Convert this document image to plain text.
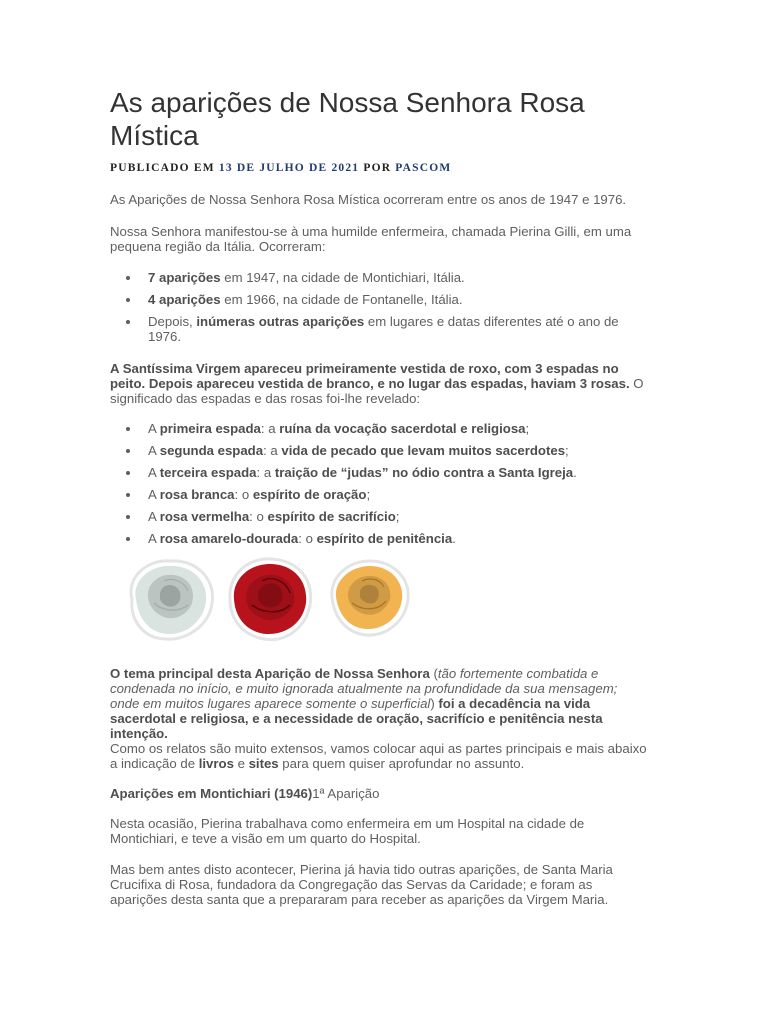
As aparições de Nossa Senhora Rosa Mística
PUBLICADO EM 13 DE JULHO DE 2021 POR PASCOM

As Aparições de Nossa Senhora Rosa Mística ocorreram entre os anos de 1947 e 1976.

Nossa Senhora manifestou-se à uma humilde enfermeira, chamada Pierina Gilli, em uma pequena região da Itália. Ocorreram:

7 aparições em 1947, na cidade de Montichiari, Itália.
4 aparições em 1966, na cidade de Fontanelle, Itália.
Depois, inúmeras outras aparições em lugares e datas diferentes até o ano de 1976.

A Santíssima Virgem apareceu primeiramente vestida de roxo, com 3 espadas no peito. Depois apareceu vestida de branco, e no lugar das espadas, haviam 3 rosas. O significado das espadas e das rosas foi-lhe revelado:

A primeira espada: a ruína da vocação sacerdotal e religiosa;
A segunda espada: a vida de pecado que levam muitos sacerdotes;
A terceira espada: a traição de “judas” no ódio contra a Santa Igreja.
A rosa branca: o espírito de oração;
A rosa vermelha: o espírito de sacrifício;
A rosa amarelo-dourada: o espírito de penitência.

O tema principal desta Aparição de Nossa Senhora (tão fortemente combatida e condenada no início, e muito ignorada atualmente na profundidade da sua mensagem; onde em muitos lugares aparece somente o superficial) foi a decadência na vida sacerdotal e religiosa, e a necessidade de oração, sacrifício e penitência nesta intenção.
Como os relatos são muito extensos, vamos colocar aqui as partes principais e mais abaixo a indicação de livros e sites para quem quiser aprofundar no assunto.

Aparições em Montichiari (1946)1ª Aparição

Nesta ocasião, Pierina trabalhava como enfermeira em um Hospital na cidade de Montichiari, e teve a visão em um quarto do Hospital.

Mas bem antes disto acontecer, Pierina já havia tido outras aparições, de Santa Maria Crucifixa di Rosa, fundadora da Congregação das Servas da Caridade; e foram as aparições desta santa que a prepararam para receber as aparições da Virgem Maria.
